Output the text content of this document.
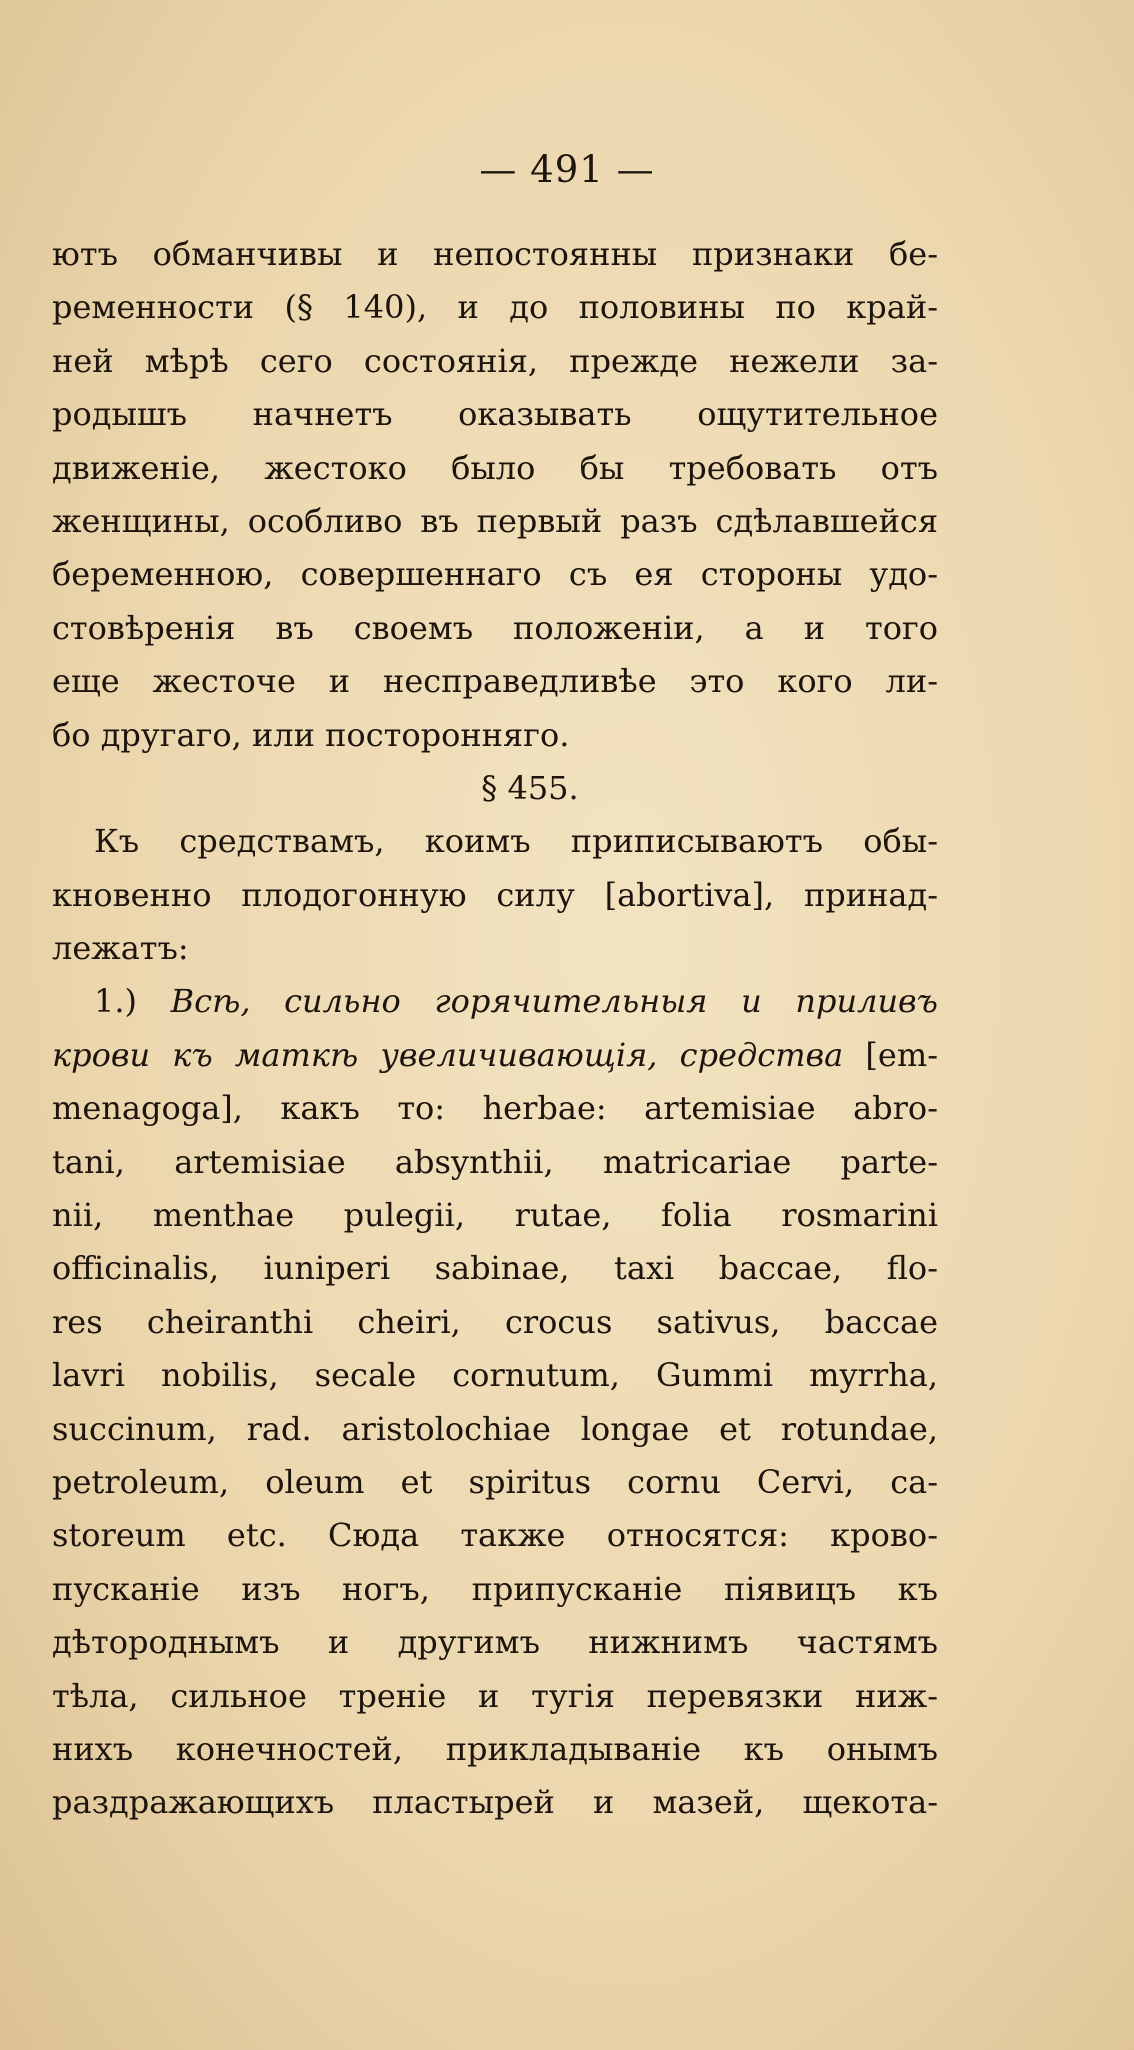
— 491 —
ютъ обманчивы и непостоянны признаки бе-
ременности (§ 140), и до половины по край-
ней мѣрѣ сего состоянія, прежде нежели за-
родышъ начнетъ оказывать ощутительное
движеніе, жестоко было бы требовать отъ
женщины, особливо въ первый разъ сдѣлавшейся
беременною, совершеннаго съ ея стороны удо-
стовѣренія въ своемъ положеніи, а и того
еще жесточе и несправедливѣе это кого ли-
бо другаго, или посторонняго.
§ 455.
Къ средствамъ, коимъ приписываютъ обы-
кновенно плодогонную силу [abortiva], принад-
лежатъ:
1.) Всѣ, сильно горячительныя и приливъ
крови къ маткѣ увеличивающія, средства [em-
menagoga], какъ то: herbae: artemisiae abro-
tani, artemisiae absynthii, matricariae parte-
nii, menthae pulegii, rutae, folia rosmarini
officinalis, iuniperi sabinae, taxi baccae, flo-
res cheiranthi cheiri, crocus sativus, baccae
lavri nobilis, secale cornutum, Gummi myrrha,
succinum, rad. aristolochiae longae et rotundae,
petroleum, oleum et spiritus cornu Cervi, ca-
storeum etc. Сюда также относятся: крово-
пусканіе изъ ногъ, припусканіе пiявицъ къ
дѣтороднымъ и другимъ нижнимъ частямъ
тѣла, сильное треніе и тугія перевязки ниж-
нихъ конечностей, прикладываніе къ онымъ
раздражающихъ пластырей и мазей, щекота-
